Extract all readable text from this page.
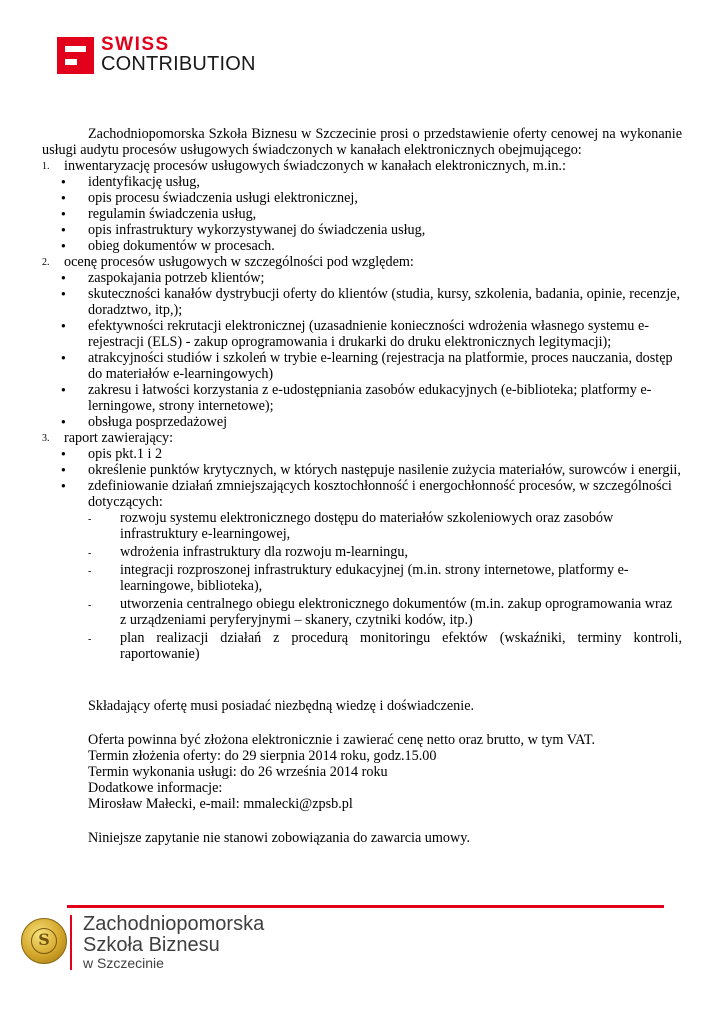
SWISS
CONTRIBUTION

Zachodniopomorska Szkoła Biznesu w Szczecinie prosi o przedstawienie oferty cenowej na wykonanie usługi audytu procesów usługowych świadczonych w kanałach elektronicznych obejmującego:

1. inwentaryzację procesów usługowych świadczonych w kanałach elektronicznych, m.in.:

● identyfikację usług,
● opis procesu świadczenia usługi elektronicznej,
● regulamin świadczenia usług,
● opis infrastruktury wykorzystywanej do świadczenia usług,
● obieg dokumentów w procesach.

2. ocenę procesów usługowych w szczególności pod względem:

● zaspokajania potrzeb klientów;
● skuteczności kanałów dystrybucji oferty do klientów (studia, kursy, szkolenia, badania, opinie, recenzje, doradztwo, itp,);
● efektywności rekrutacji elektronicznej (uzasadnienie konieczności wdrożenia własnego systemu e-rejestracji (ELS) - zakup oprogramowania i drukarki do druku elektronicznych legitymacji);
● atrakcyjności studiów i szkoleń w trybie e-learning (rejestracja na platformie, proces nauczania, dostęp do materiałów e-learningowych)
● zakresu i łatwości korzystania z e-udostępniania zasobów edukacyjnych (e-biblioteka; platformy e-lerningowe, strony internetowe);
● obsługa posprzedażowej

3. raport zawierający:

● opis pkt.1 i 2
● określenie punktów krytycznych, w których następuje nasilenie zużycia materiałów, surowców i energii,
● zdefiniowanie działań zmniejszających kosztochłonność i energochłonność procesów, w szczególności dotyczących:
- rozwoju systemu elektronicznego dostępu do materiałów szkoleniowych oraz zasobów infrastruktury e-learningowej,
- wdrożenia infrastruktury dla rozwoju m-learningu,
- integracji rozproszonej infrastruktury edukacyjnej (m.in. strony internetowe, platformy e-learningowe, biblioteka),
- utworzenia centralnego obiegu elektronicznego dokumentów (m.in. zakup oprogramowania wraz z urządzeniami peryferyjnymi – skanery, czytniki kodów, itp.)
- plan realizacji działań z procedurą monitoringu efektów (wskaźniki, terminy kontroli, raportowanie)

Składający ofertę musi posiadać niezbędną wiedzę i doświadczenie.

Oferta powinna być złożona elektronicznie i zawierać cenę netto oraz brutto, w tym VAT.

Termin złożenia oferty: do 29 sierpnia 2014 roku, godz.15.00

Termin wykonania usługi: do 26 września 2014 roku

Dodatkowe informacje:

Mirosław Małecki, e-mail: mmalecki@zpsb.pl

Niniejsze zapytanie nie stanowi zobowiązania do zawarcia umowy.

S
Zachodniopomorska
Szkoła Biznesu
w Szczecinie
